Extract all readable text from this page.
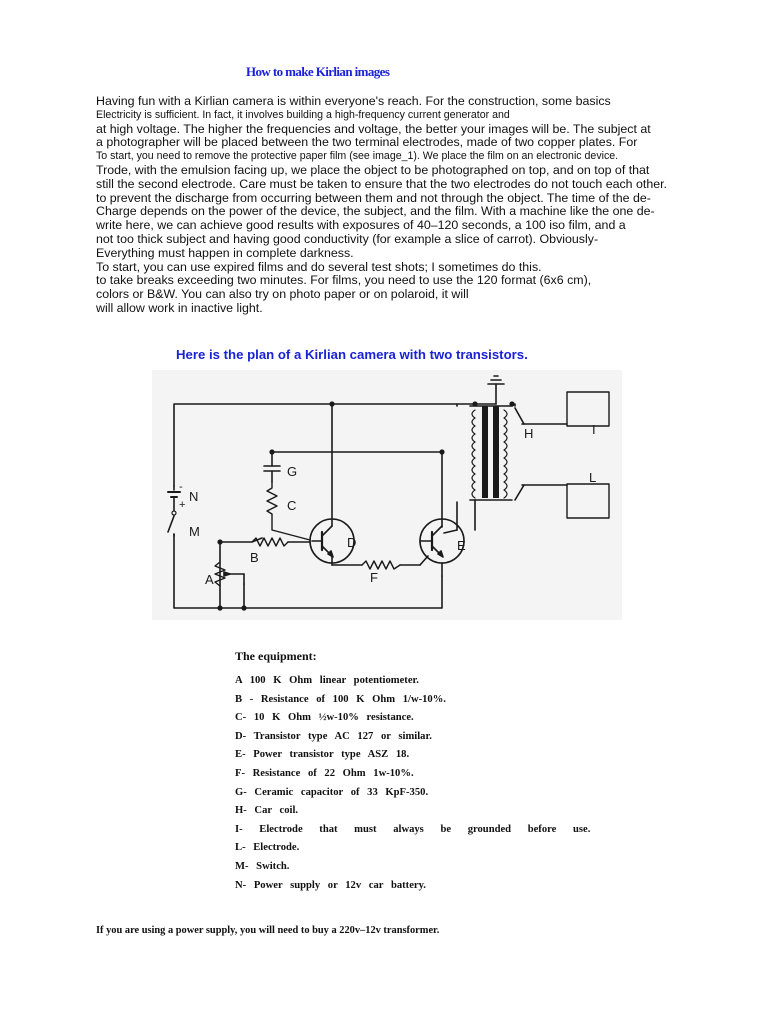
How to make Kirlian images
Having fun with a Kirlian camera is within everyone's reach. For the construction, some basics
Electricity is sufficient. In fact, it involves building a high-frequency current generator and
at high voltage. The higher the frequencies and voltage, the better your images will be. The subject at
a photographer will be placed between the two terminal electrodes, made of two copper plates. For
To start, you need to remove the protective paper film (see image_1). We place the film on an electronic device.
Trode, with the emulsion facing up, we place the object to be photographed on top, and on top of that
still the second electrode. Care must be taken to ensure that the two electrodes do not touch each other.
to prevent the discharge from occurring between them and not through the object. The time of the de-
Charge depends on the power of the device, the subject, and the film. With a machine like the one de-
write here, we can achieve good results with exposures of 40–120 seconds, a 100 iso film, and a
not too thick subject and having good conductivity (for example a slice of carrot). Obviously-
Everything must happen in complete darkness.
To start, you can use expired films and do several test shots; I sometimes do this.
to take breaks exceeding two minutes. For films, you need to use the 120 format (6x6 cm),
colors or B&W. You can also try on photo paper or on polaroid, it will
will allow work in inactive light.
Here is the plan of a Kirlian camera with two transistors.
A
B
C
D	E
F
G
H	I
L
M
N
-
+
The equipment:
A 100 K Ohm linear potentiometer.
B - Resistance of 100 K Ohm 1/w-10%.
C- 10 K Ohm ½w-10% resistance.
D- Transistor type AC 127 or similar.
E- Power transistor type ASZ 18.
F- Resistance of 22 Ohm 1w-10%.
G- Ceramic capacitor of 33 KpF-350.
H- Car coil.
I- Electrode that must always be grounded before use.
L- Electrode.
M- Switch.
N- Power supply or 12v car battery.
If you are using a power supply, you will need to buy a 220v–12v transformer.
